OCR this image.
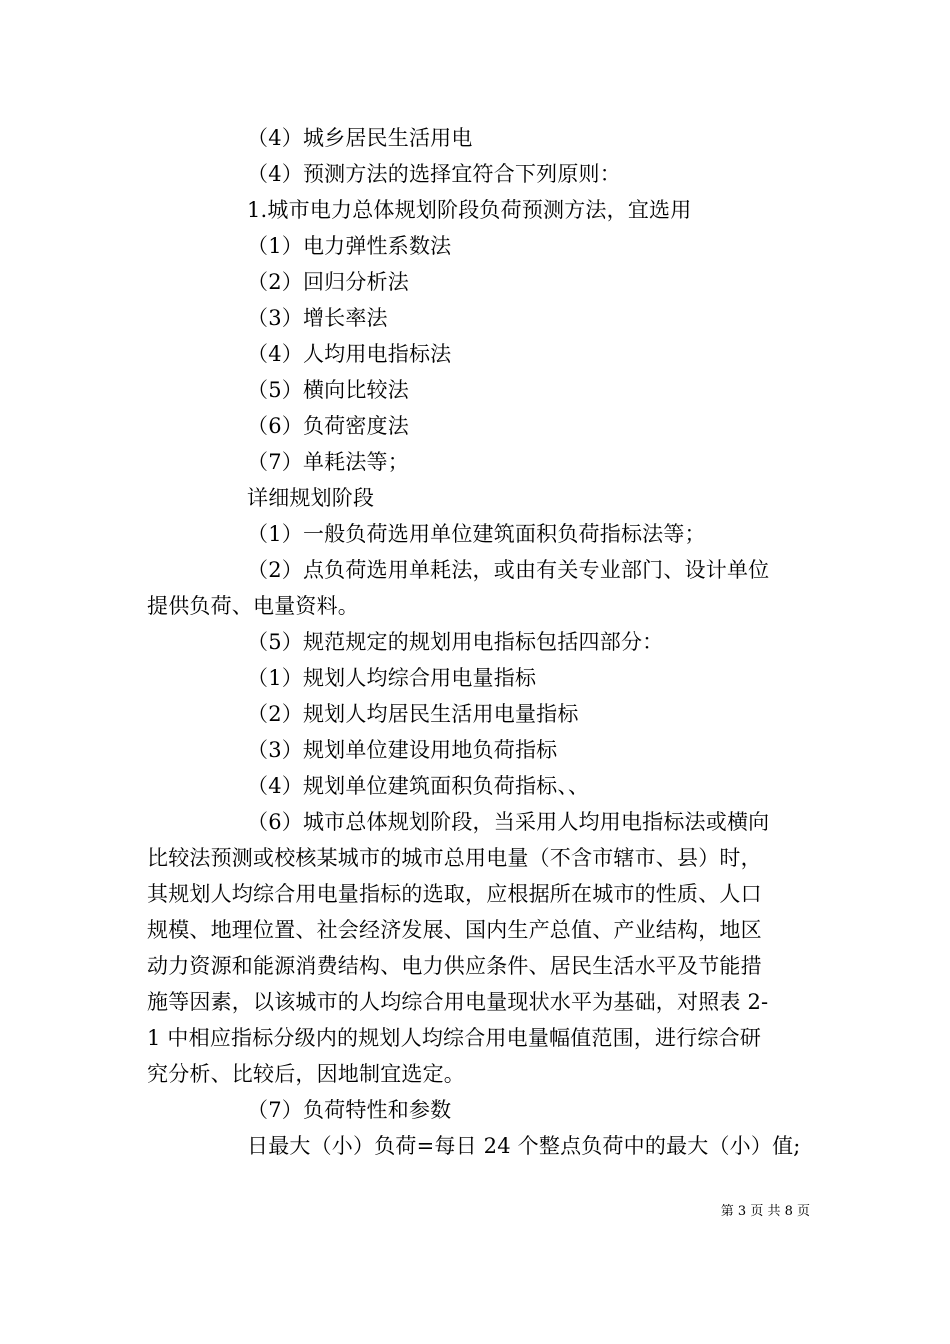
（4）城乡居民生活用电
（4）预测方法的选择宜符合下列原则：
1.城市电力总体规划阶段负荷预测方法，宜选用
（1）电力弹性系数法
（2）回归分析法
（3）增长率法
（4）人均用电指标法
（5）横向比较法
（6）负荷密度法
（7）单耗法等；
详细规划阶段
（1）一般负荷选用单位建筑面积负荷指标法等；
（2）点负荷选用单耗法，或由有关专业部门、设计单位
提供负荷、电量资料。
（5）规范规定的规划用电指标包括四部分：
（1）规划人均综合用电量指标
（2）规划人均居民生活用电量指标
（3）规划单位建设用地负荷指标
（4）规划单位建筑面积负荷指标、、
（6）城市总体规划阶段，当采用人均用电指标法或横向
比较法预测或校核某城市的城市总用电量（不含市辖市、县）时，
其规划人均综合用电量指标的选取，应根据所在城市的性质、人口
规模、地理位置、社会经济发展、国内生产总值、产业结构，地区
动力资源和能源消费结构、电力供应条件、居民生活水平及节能措
施等因素，以该城市的人均综合用电量现状水平为基础，对照表 2-
1 中相应指标分级内的规划人均综合用电量幅值范围，进行综合研
究分析、比较后，因地制宜选定。
（7）负荷特性和参数
日最大（小）负荷=每日 24 个整点负荷中的最大（小）值;
第 3 页 共 8 页
